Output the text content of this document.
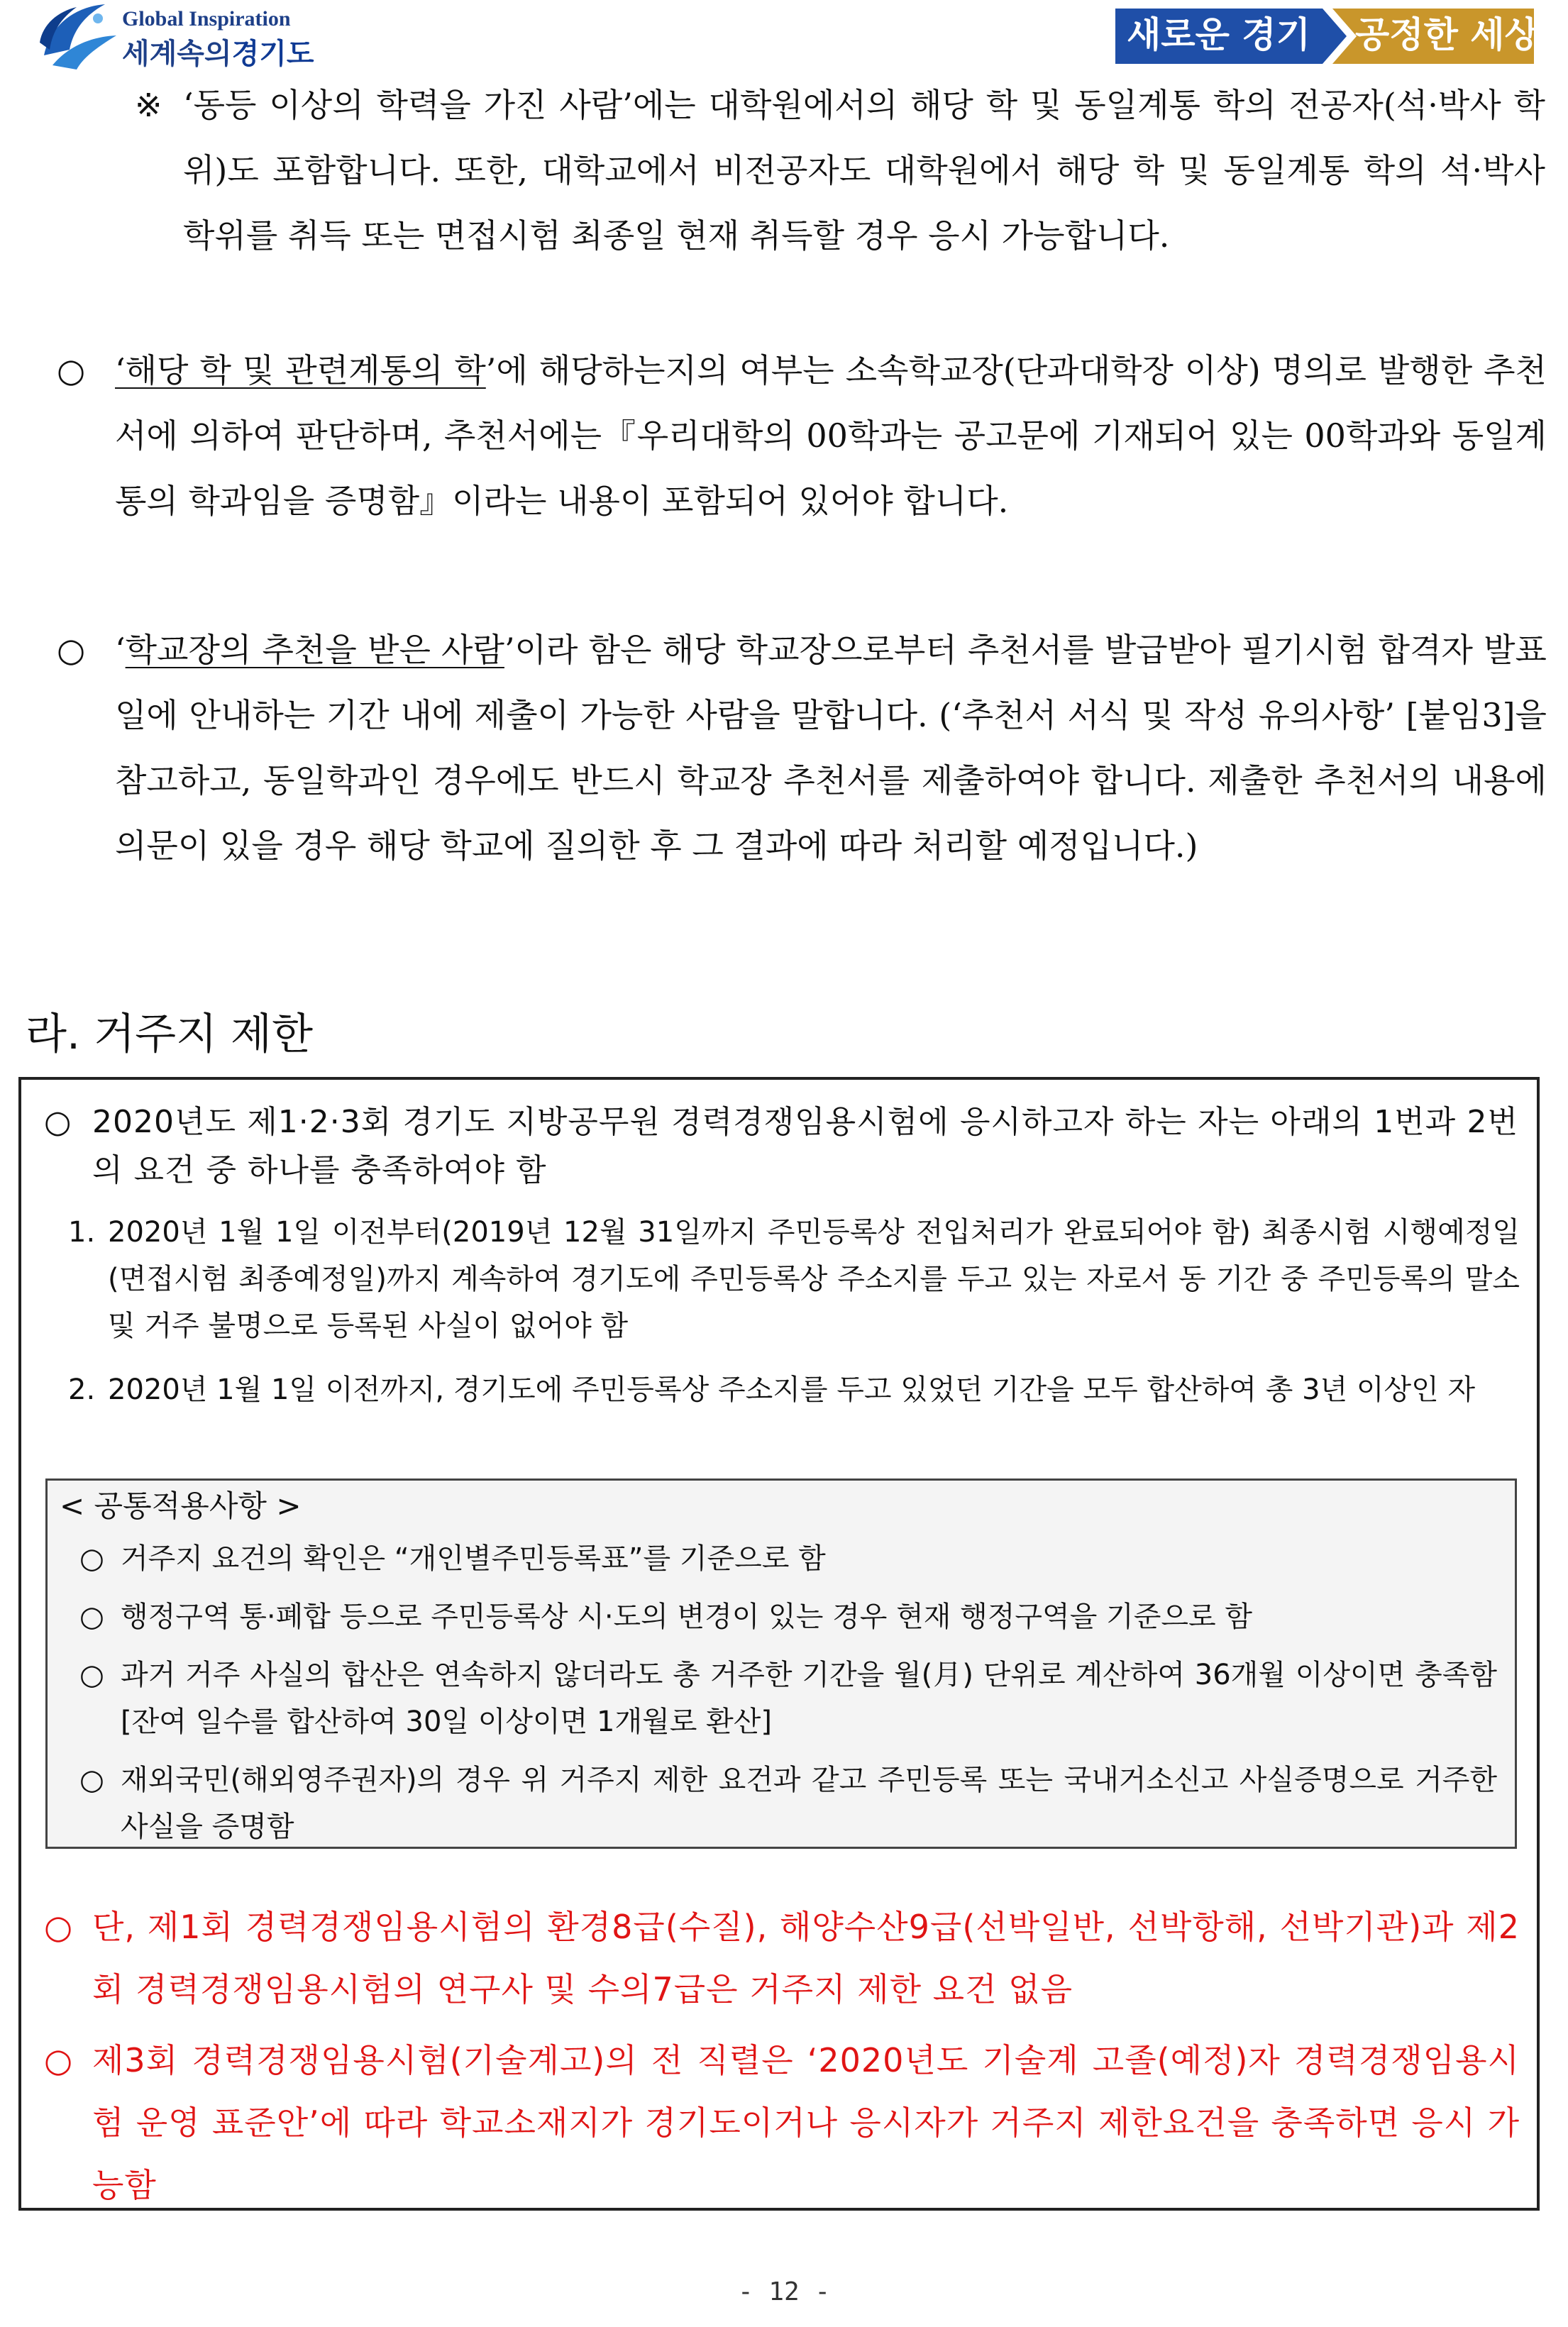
Global Inspiration
세계속의경기도	새로운 경기 공정한 세상
※ ‘동등 이상의 학력을 가진 사람’에는 대학원에서의 해당 학 및 동일계통 학의 전공자(석·박사 학위)도 포함합니다. 또한, 대학교에서 비전공자도 대학원에서 해당 학 및 동일계통 학의 석·박사 학위를 취득 또는 면접시험 최종일 현재 취득할 경우 응시 가능합니다.

○ ‘해당 학 및 관련계통의 학’에 해당하는지의 여부는 소속학교장(단과대학장 이상) 명의로 발행한 추천서에 의하여 판단하며, 추천서에는『우리대학의 00학과는 공고문에 기재되어 있는 00학과와 동일계통의 학과임을 증명함』이라는 내용이 포함되어 있어야 합니다.

○ ‘학교장의 추천을 받은 사람’이라 함은 해당 학교장으로부터 추천서를 발급받아 필기시험 합격자 발표일에 안내하는 기간 내에 제출이 가능한 사람을 말합니다. (‘추천서 서식 및 작성 유의사항’ [붙임3]을 참고하고, 동일학과인 경우에도 반드시 학교장 추천서를 제출하여야 합니다. 제출한 추천서의 내용에 의문이 있을 경우 해당 학교에 질의한 후 그 결과에 따라 처리할 예정입니다.)

라. 거주지 제한
○ 2020년도 제1·2·3회 경기도 지방공무원 경력경쟁임용시험에 응시하고자 하는 자는 아래의 1번과 2번의 요건 중 하나를 충족하여야 함

1. 2020년 1월 1일 이전부터(2019년 12월 31일까지 주민등록상 전입처리가 완료되어야 함) 최종시험 시행예정일(면접시험 최종예정일)까지 계속하여 경기도에 주민등록상 주소지를 두고 있는 자로서 동 기간 중 주민등록의 말소 및 거주 불명으로 등록된 사실이 없어야 함

2. 2020년 1월 1일 이전까지, 경기도에 주민등록상 주소지를 두고 있었던 기간을 모두 합산하여 총 3년 이상인 자

< 공통적용사항 >
○ 거주지 요건의 확인은 “개인별주민등록표”를 기준으로 함

○ 행정구역 통·폐합 등으로 주민등록상 시·도의 변경이 있는 경우 현재 행정구역을 기준으로 함

○ 과거 거주 사실의 합산은 연속하지 않더라도 총 거주한 기간을 월(月) 단위로 계산하여 36개월 이상이면 충족함 [잔여 일수를 합산하여 30일 이상이면 1개월로 환산]

○ 재외국민(해외영주권자)의 경우 위 거주지 제한 요건과 같고 주민등록 또는 국내거소신고 사실증명으로 거주한 사실을 증명함

○ 단, 제1회 경력경쟁임용시험의 환경8급(수질), 해양수산9급(선박일반, 선박항해, 선박기관)과 제2회 경력경쟁임용시험의 연구사 및 수의7급은 거주지 제한 요건 없음

○ 제3회 경력경쟁임용시험(기술계고)의 전 직렬은 ‘2020년도 기술계 고졸(예정)자 경력경쟁임용시험 운영 표준안’에 따라 학교소재지가 경기도이거나 응시자가 거주지 제한요건을 충족하면 응시 가능함

- 12 -
